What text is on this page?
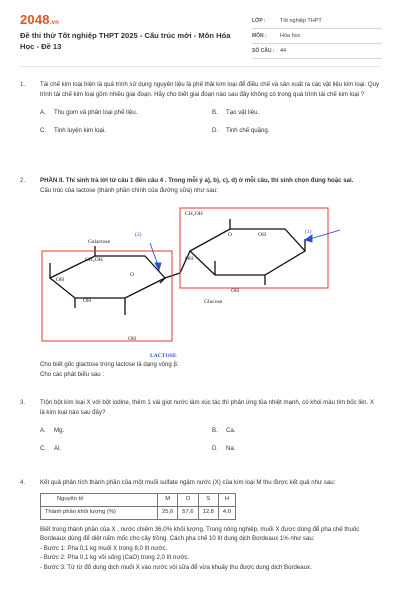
2048.vn
Đề thi thử Tốt nghiệp THPT 2025 - Cấu trúc mới - Môn Hóa Học - Đề 13
LỚP :	Tốt nghiệp THPT
MÔN :	Hóa học
SỐ CÂU :	44
1.	Tái chế kim loại hiện là quá trình sử dụng nguyên liệu là phế thải kim loại để điều chế và sản xuất ra các vật liệu kim loại. Quy trình tái chế kim loại gồm nhiều giai đoạn. Hãy cho biết giai đoạn nào sau đây không có trong quá trình tái chế kim loại ?
A.	Thu gom và phân loại phế liệu.	B.	Tạo vật liệu.
C.	Tinh luyện kim loại.	D.	Tinh chế quặng.
2.	PHẦN II. Thí sinh trả lời từ câu 1 đến câu 4 . Trong mỗi ý a), b), c), d) ở mỗi câu, thí sinh chọn đúng hoặc sai.
Cấu trúc của lactose (thành phần chính của đường sữa) như sau:
Galactose
CH₂OH
OH
O
OH
OH
CH₂OH
O	OH
OH
OH
Glucose
(2)	(1)
LACTOSE
Cho biết gốc glactose trong lactose là dạng vòng β.
Cho các phát biểu sau :
3.	Trộn bột kim loại X với bột iodine, thêm 1 vài giọt nước làm xúc tác thì phản ứng tỏa nhiệt mạnh, có khói màu tím bốc lên. X là kim loại nào sau đây?
A.	Mg.	B.	Ca.
C.	Al.	D.	Na.
4.	Kết quả phân tích thành phần của một muối sulfate ngậm nước (X) của kim loại M thu được kết quả như sau:
Nguyên tố	M	O	S	H
Thành phần khối lượng (%)	25,6	57,6	12,8	4,0
Biết trong thành phần của X , nước chiếm 36,0% khối lượng. Trong nông nghiệp, muối X được dùng để pha chế thuốc Bordeaux dùng để diệt nấm mốc cho cây trồng. Cách pha chế 10 lít dung dịch Bordeaux 1% như sau:
- Bước 1: Pha 0,1 kg muối X trong 8,0 lít nước.
- Bước 2: Pha 0,1 kg vôi sống (CaO) trong 2,0 lít nước.
- Bước 3: Từ từ đổ dung dịch muối X vào nước vôi sữa để vừa khuấy thu được dung dịch Bordeaux.
